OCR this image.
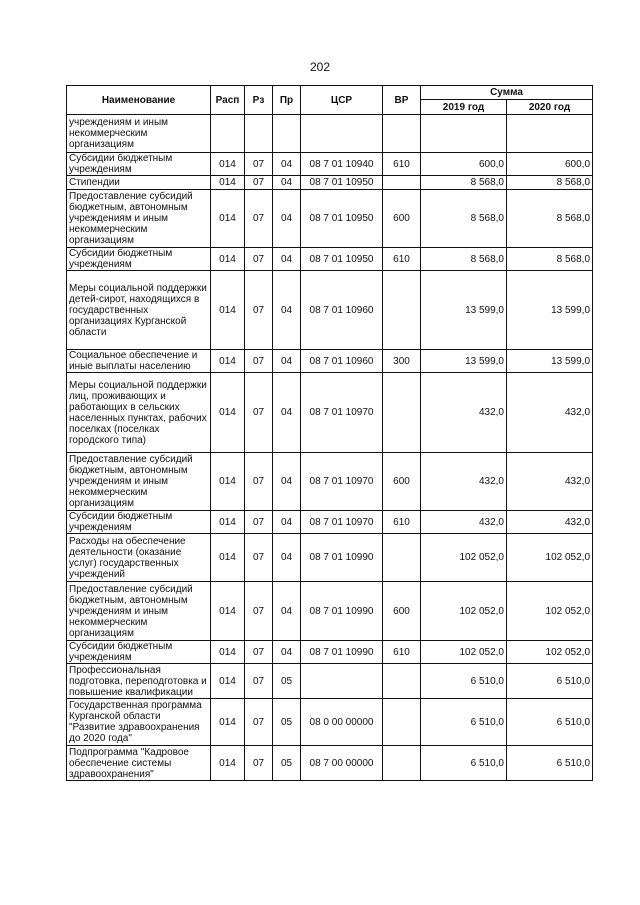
202
Наименование	Расп	Рз	Пр	ЦСР	ВР	Сумма	
						2019 год	2020 год
учреждениям и иным некоммерческим организациям							
Субсидии бюджетным учреждениям	014	07	04	08 7 01 10940	610	600,0	600,0
Стипендии	014	07	04	08 7 01 10950		8 568,0	8 568,0
Предоставление субсидий бюджетным, автономным учреждениям и иным некоммерческим организациям	014	07	04	08 7 01 10950	600	8 568,0	8 568,0
Субсидии бюджетным учреждениям	014	07	04	08 7 01 10950	610	8 568,0	8 568,0
Меры социальной поддержки детей-сирот, находящихся в государственных организациях Курганской области	014	07	04	08 7 01 10960		13 599,0	13 599,0
Социальное обеспечение и иные выплаты населению	014	07	04	08 7 01 10960	300	13 599,0	13 599,0
Меры социальной поддержки лиц, проживающих и работающих в сельских населенных пунктах, рабочих поселках (поселках городского типа)	014	07	04	08 7 01 10970		432,0	432,0
Предоставление субсидий бюджетным, автономным учреждениям и иным некоммерческим организациям	014	07	04	08 7 01 10970	600	432,0	432,0
Субсидии бюджетным учреждениям	014	07	04	08 7 01 10970	610	432,0	432,0
Расходы на обеспечение деятельности (оказание услуг) государственных учреждений	014	07	04	08 7 01 10990		102 052,0	102 052,0
Предоставление субсидий бюджетным, автономным учреждениям и иным некоммерческим организациям	014	07	04	08 7 01 10990	600	102 052,0	102 052,0
Субсидии бюджетным учреждениям	014	07	04	08 7 01 10990	610	102 052,0	102 052,0
Профессиональная подготовка, переподготовка и повышение квалификации	014	07	05			6 510,0	6 510,0
Государственная программа Курганской области "Развитие здравоохранения до 2020 года"	014	07	05	08 0 00 00000		6 510,0	6 510,0
Подпрограмма "Кадровое обеспечение системы здравоохранения"	014	07	05	08 7 00 00000		6 510,0	6 510,0
